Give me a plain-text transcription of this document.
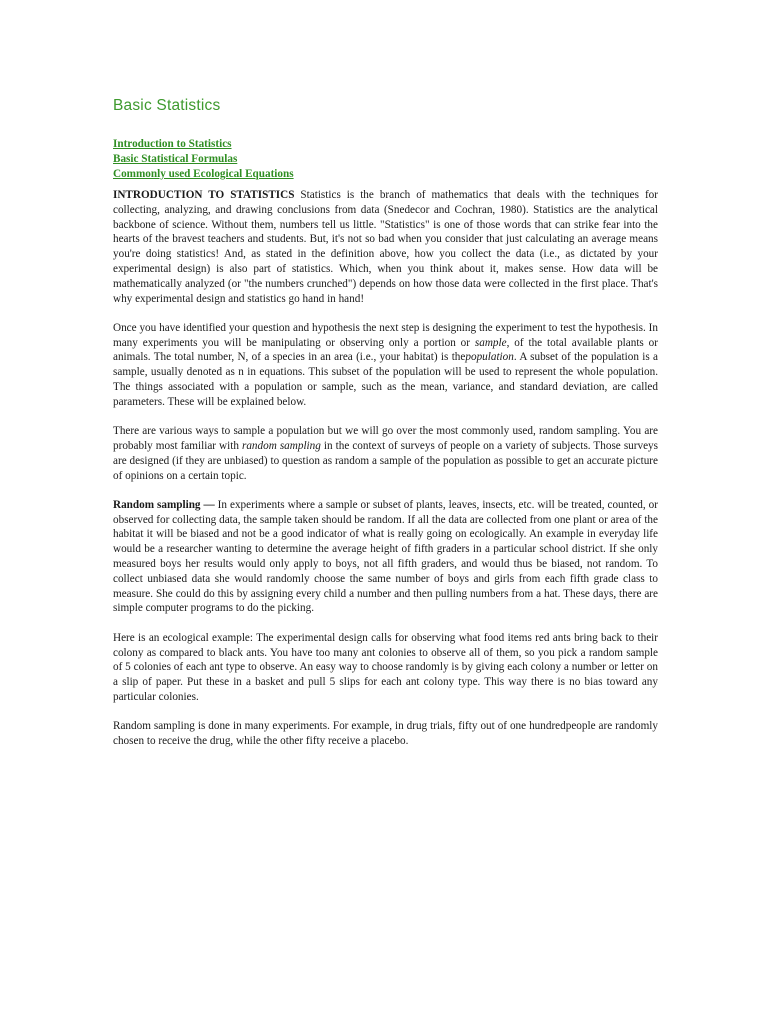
Basic Statistics
Introduction to Statistics
Basic Statistical Formulas
Commonly used Ecological Equations

INTRODUCTION TO STATISTICS Statistics is the branch of mathematics that deals with the techniques for collecting, analyzing, and drawing conclusions from data (Snedecor and Cochran, 1980). Statistics are the analytical backbone of science. Without them, numbers tell us little. "Statistics" is one of those words that can strike fear into the hearts of the bravest teachers and students. But, it's not so bad when you consider that just calculating an average means you're doing statistics! And, as stated in the definition above, how you collect the data (i.e., as dictated by your experimental design) is also part of statistics. Which, when you think about it, makes sense. How data will be mathematically analyzed (or "the numbers crunched") depends on how those data were collected in the first place. That's why experimental design and statistics go hand in hand!

Once you have identified your question and hypothesis the next step is designing the experiment to test the hypothesis. In many experiments you will be manipulating or observing only a portion or sample, of the total available plants or animals. The total number, N, of a species in an area (i.e., your habitat) is thepopulation. A subset of the population is a sample, usually denoted as n in equations. This subset of the population will be used to represent the whole population. The things associated with a population or sample, such as the mean, variance, and standard deviation, are called parameters. These will be explained below.

There are various ways to sample a population but we will go over the most commonly used, random sampling. You are probably most familiar with random sampling in the context of surveys of people on a variety of subjects. Those surveys are designed (if they are unbiased) to question as random a sample of the population as possible to get an accurate picture of opinions on a certain topic.

Random sampling — In experiments where a sample or subset of plants, leaves, insects, etc. will be treated, counted, or observed for collecting data, the sample taken should be random. If all the data are collected from one plant or area of the habitat it will be biased and not be a good indicator of what is really going on ecologically. An example in everyday life would be a researcher wanting to determine the average height of fifth graders in a particular school district. If she only measured boys her results would only apply to boys, not all fifth graders, and would thus be biased, not random. To collect unbiased data she would randomly choose the same number of boys and girls from each fifth grade class to measure. She could do this by assigning every child a number and then pulling numbers from a hat. These days, there are simple computer programs to do the picking.

Here is an ecological example: The experimental design calls for observing what food items red ants bring back to their colony as compared to black ants. You have too many ant colonies to observe all of them, so you pick a random sample of 5 colonies of each ant type to observe. An easy way to choose randomly is by giving each colony a number or letter on a slip of paper. Put these in a basket and pull 5 slips for each ant colony type. This way there is no bias toward any particular colonies.

Random sampling is done in many experiments. For example, in drug trials, fifty out of one hundredpeople are randomly chosen to receive the drug, while the other fifty receive a placebo.
